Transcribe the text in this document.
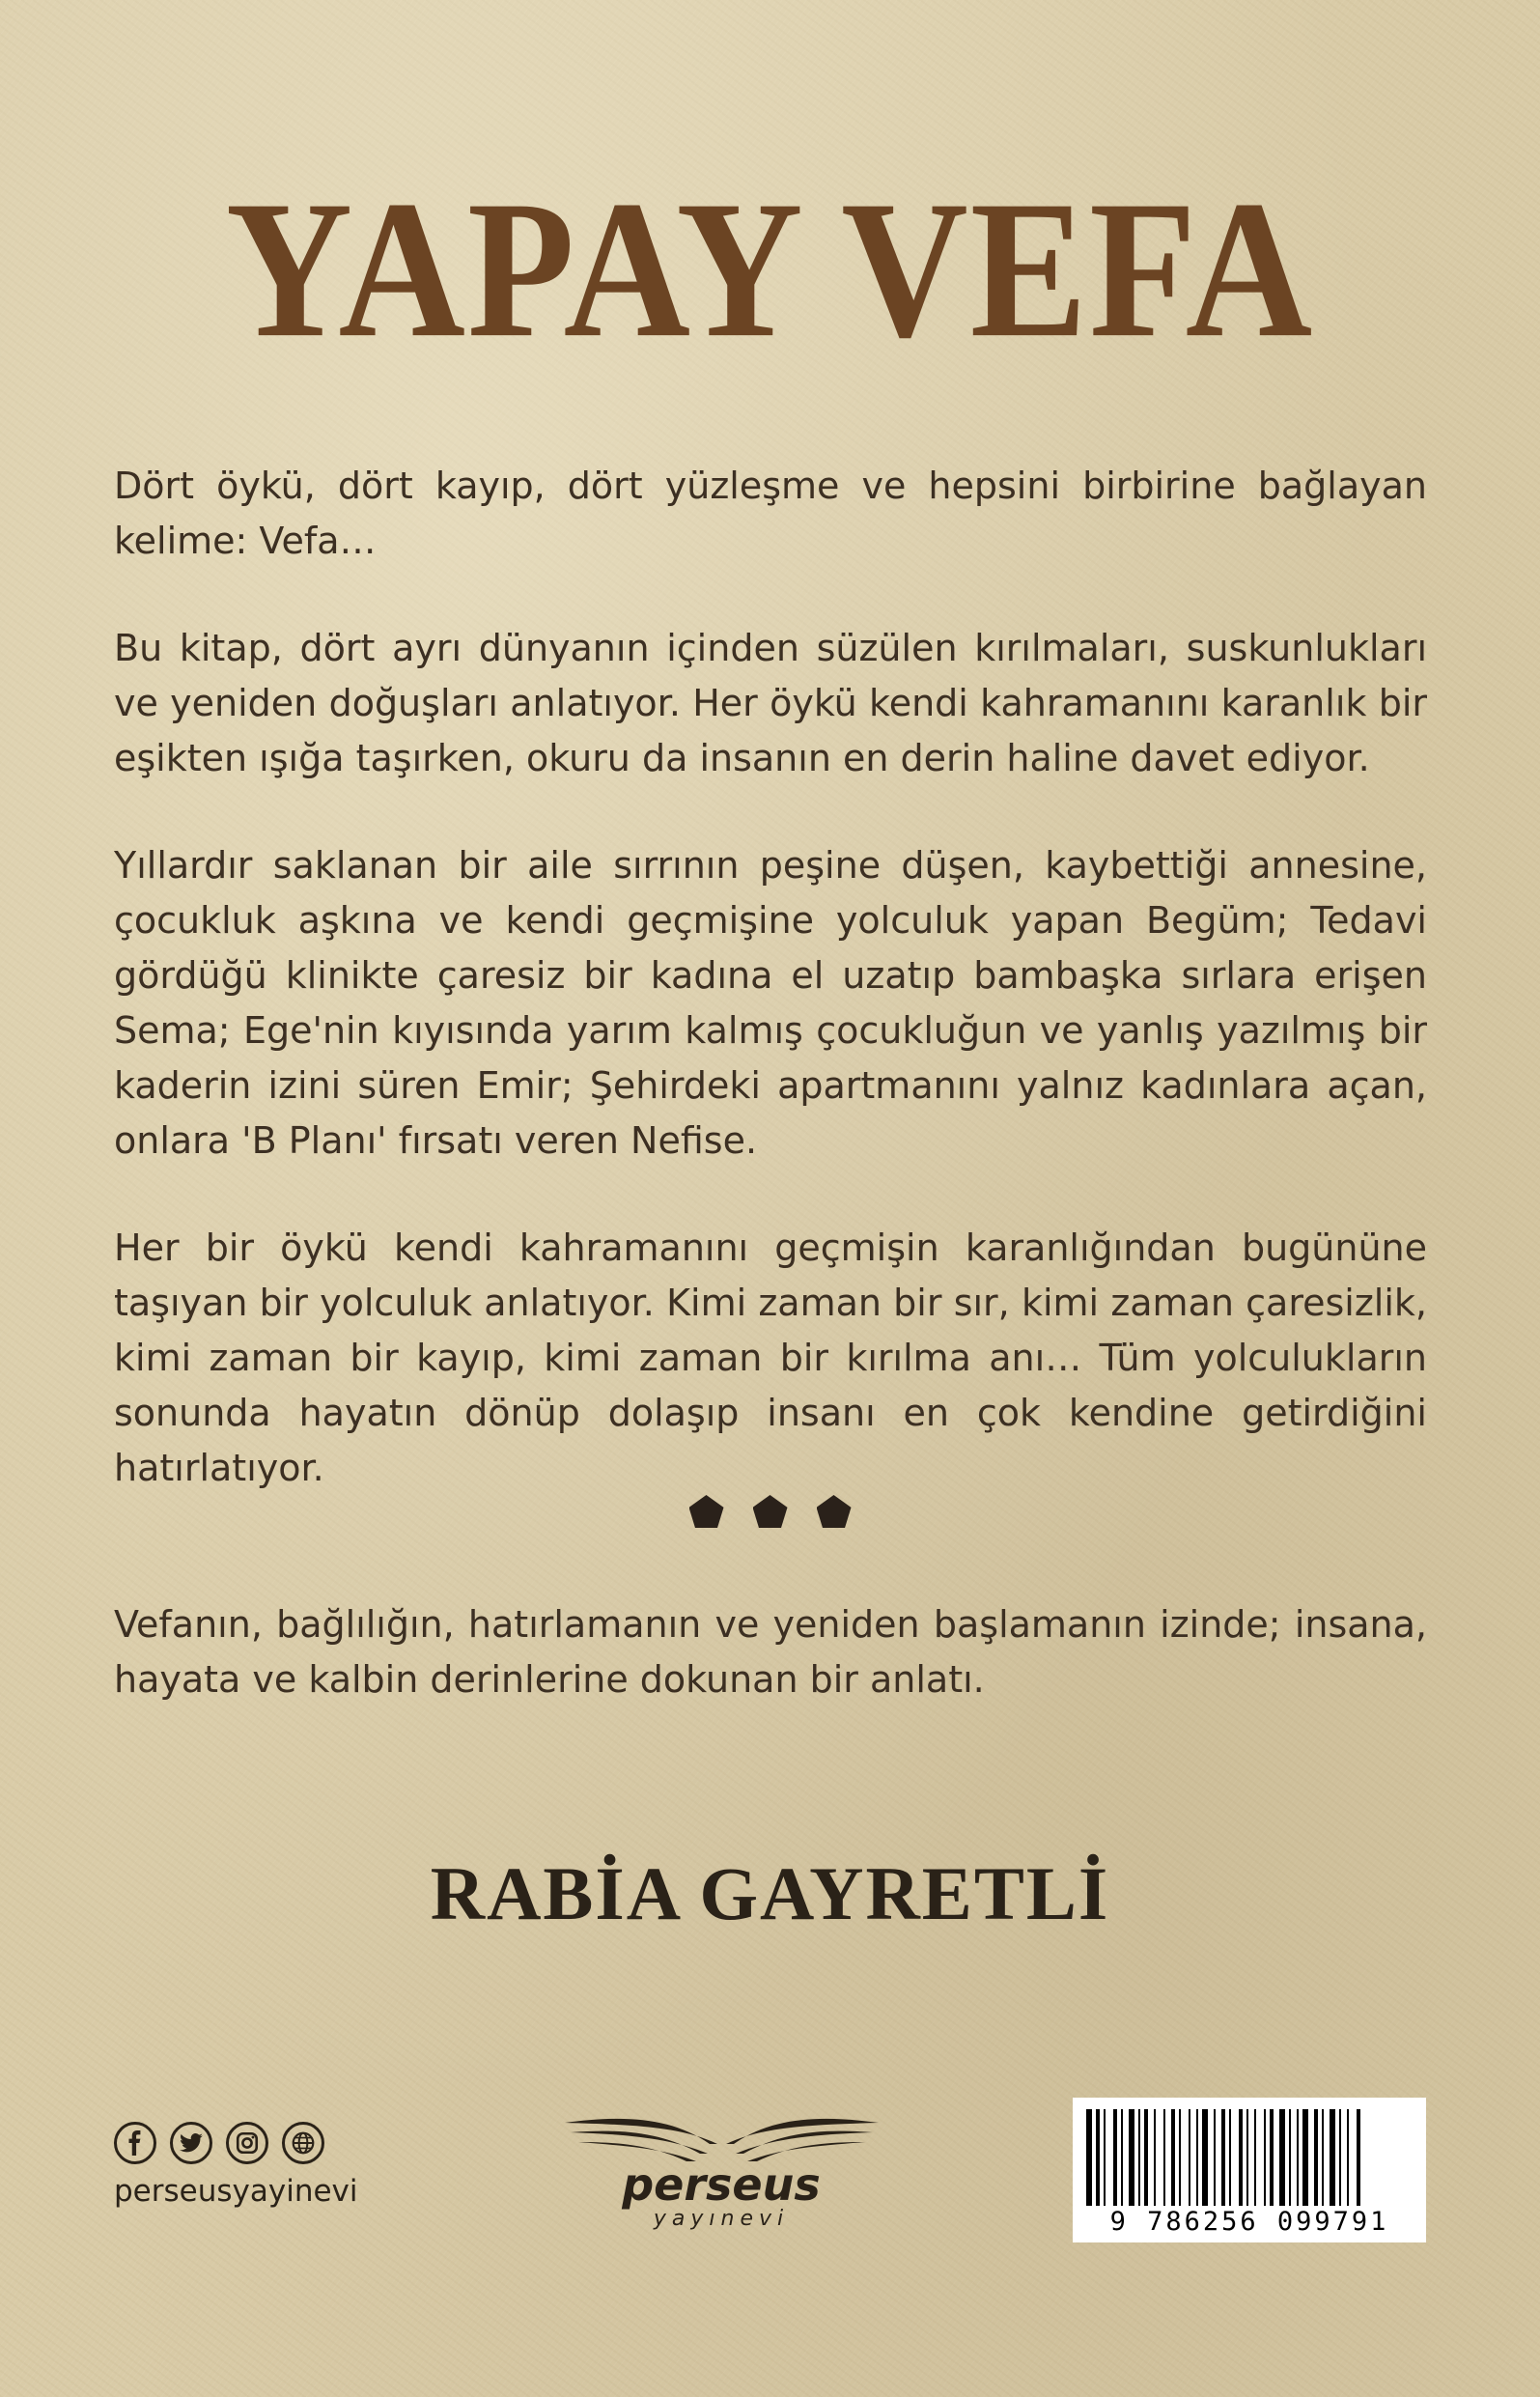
YAPAY VEFA

Dört öykü, dört kayıp, dört yüzleşme ve hepsini birbirine bağlayan kelime: Vefa…

Bu kitap, dört ayrı dünyanın içinden süzülen kırılmaları, suskunlukları ve yeniden doğuşları anlatıyor. Her öykü kendi kahramanını karanlık bir eşikten ışığa taşırken, okuru da insanın en derin haline davet ediyor.

Yıllardır saklanan bir aile sırrının peşine düşen, kaybettiği annesine, çocukluk aşkına ve kendi geçmişine yolculuk yapan Begüm; Tedavi gördüğü klinikte çaresiz bir kadına el uzatıp bambaşka sırlara erişen Sema; Ege'nin kıyısında yarım kalmış çocukluğun ve yanlış yazılmış bir kaderin izini süren Emir; Şehirdeki apartmanını yalnız kadınlara açan, onlara 'B Planı' fırsatı veren Nefise.

Her bir öykü kendi kahramanını geçmişin karanlığından bugününe taşıyan bir yolculuk anlatıyor. Kimi zaman bir sır, kimi zaman çaresizlik, kimi zaman bir kayıp, kimi zaman bir kırılma anı… Tüm yolculukların sonunda hayatın dönüp dolaşıp insanı en çok kendine getirdiğini hatırlatıyor.

Vefanın, bağlılığın, hatırlamanın ve yeniden başlamanın izinde; insana, hayata ve kalbin derinlerine dokunan bir anlatı.
RABİA GAYRETLİ
perseusyayinevi	perseus
yayınevi	9 786256 099791
